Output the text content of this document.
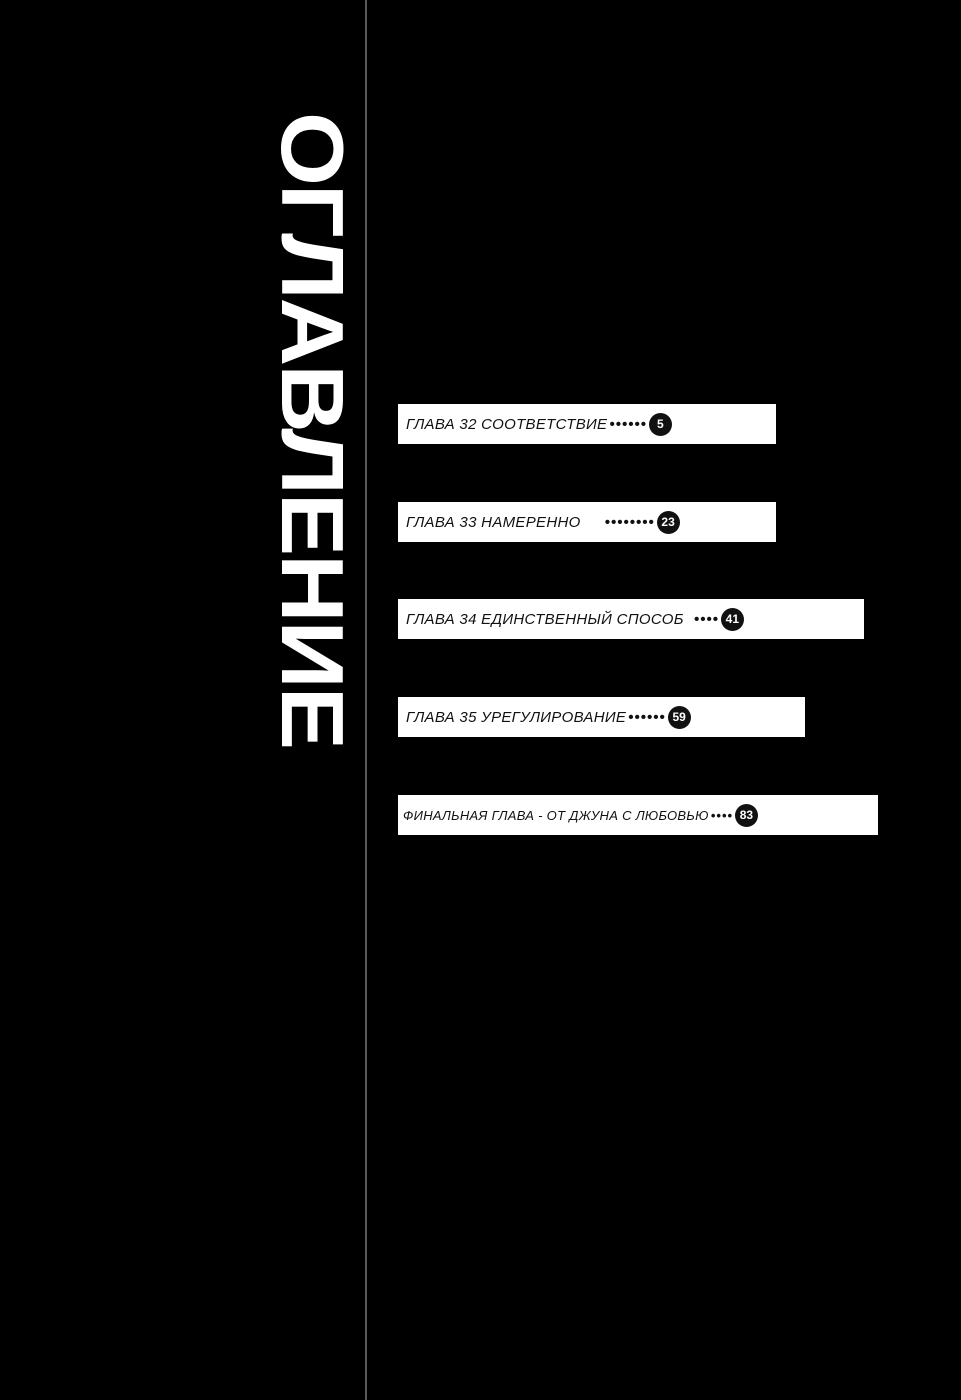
ОГЛАВЛЕНИЕ	ГЛАВА 32 СООТВЕТСТВИЕ •••••• 5
ГЛАВА 33 НАМЕРЕННО •••••••• 23
ГЛАВА 34 ЕДИНСТВЕННЫЙ СПОСОБ •••• 41
ГЛАВА 35 УРЕГУЛИРОВАНИЕ •••••• 59
ФИНАЛЬНАЯ ГЛАВА - ОТ ДЖУНА С ЛЮБОВЬЮ •••• 83
